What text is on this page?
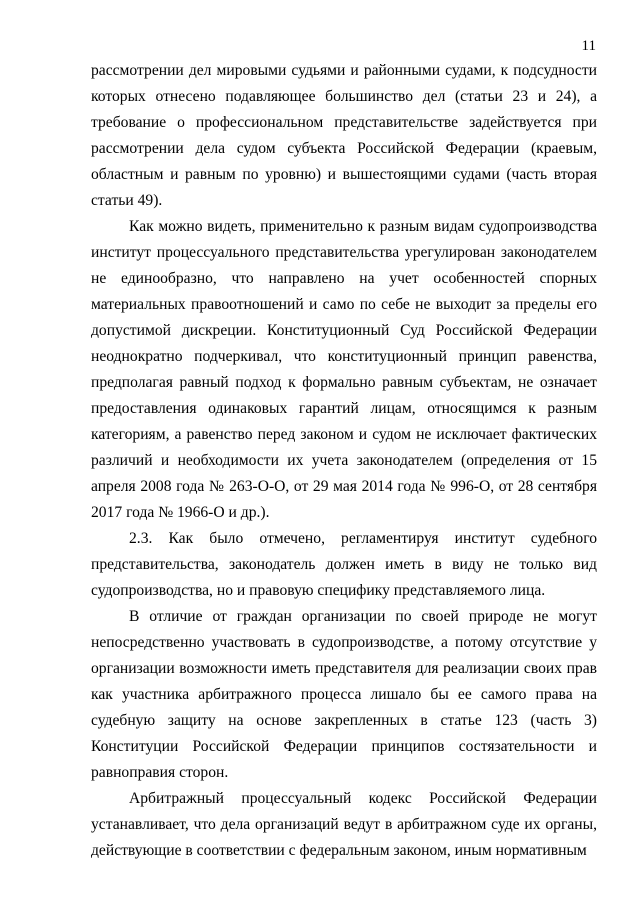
11

рассмотрении дел мировыми судьями и районными судами, к подсудности которых отнесено подавляющее большинство дел (статьи 23 и 24), а требование о профессиональном представительстве задействуется при рассмотрении дела судом субъекта Российской Федерации (краевым, областным и равным по уровню) и вышестоящими судами (часть вторая статьи 49).

Как можно видеть, применительно к разным видам судопроизводства институт процессуального представительства урегулирован законодателем не единообразно, что направлено на учет особенностей спорных материальных правоотношений и само по себе не выходит за пределы его допустимой дискреции. Конституционный Суд Российской Федерации неоднократно подчеркивал, что конституционный принцип равенства, предполагая равный подход к формально равным субъектам, не означает предоставления одинаковых гарантий лицам, относящимся к разным категориям, а равенство перед законом и судом не исключает фактических различий и необходимости их учета законодателем (определения от 15 апреля 2008 года № 263-О-О, от 29 мая 2014 года № 996-О, от 28 сентября 2017 года № 1966-О и др.).

2.3. Как было отмечено, регламентируя институт судебного представительства, законодатель должен иметь в виду не только вид судопроизводства, но и правовую специфику представляемого лица.

В отличие от граждан организации по своей природе не могут непосредственно участвовать в судопроизводстве, а потому отсутствие у организации возможности иметь представителя для реализации своих прав как участника арбитражного процесса лишало бы ее самого права на судебную защиту на основе закрепленных в статье 123 (часть 3) Конституции Российской Федерации принципов состязательности и равноправия сторон.

Арбитражный процессуальный кодекс Российской Федерации устанавливает, что дела организаций ведут в арбитражном суде их органы, действующие в соответствии с федеральным законом, иным нормативным
